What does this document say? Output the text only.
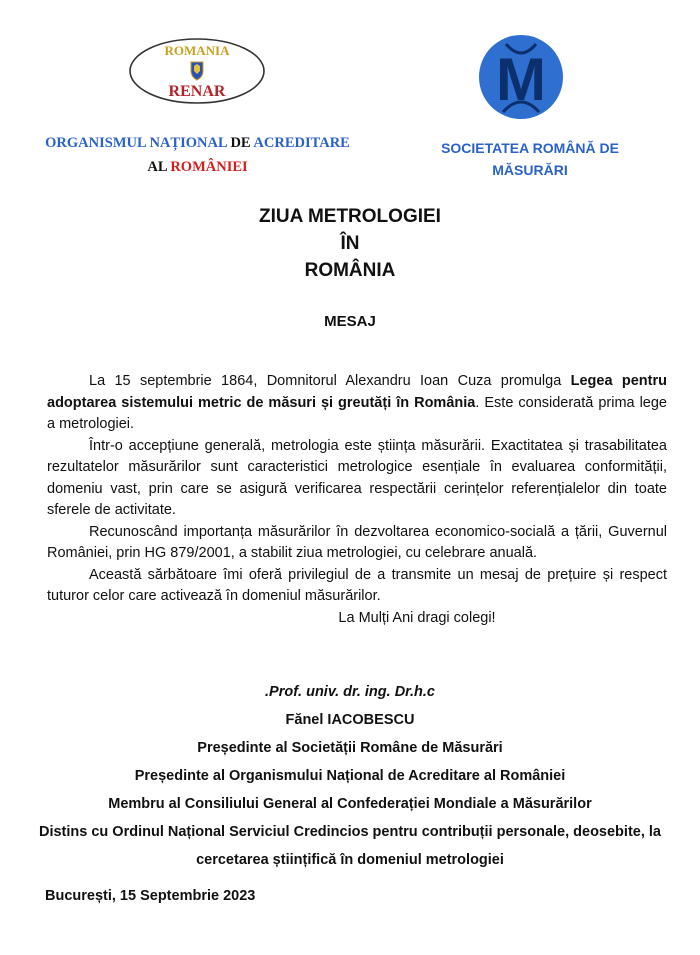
ROMANIA
RENAR	M
ORGANISMUL NAȚIONAL DE ACREDITARE
AL ROMÂNIEI
SOCIETATEA ROMÂNĂ DE
MĂSURĂRI
ZIUA METROLOGIEI
ÎN
ROMÂNIA
MESAJ

La 15 septembrie 1864, Domnitorul Alexandru Ioan Cuza promulga Legea pentru adoptarea sistemului metric de măsuri și greutăți în România. Este considerată prima lege a metrologiei.

Într-o accepțiune generală, metrologia este știința măsurării. Exactitatea și trasabilitatea rezultatelor măsurărilor sunt caracteristici metrologice esențiale în evaluarea conformității, domeniu vast, prin care se asigură verificarea respectării cerințelor referențialelor din toate sferele de activitate.

Recunoscând importanța măsurărilor în dezvoltarea economico-socială a țării, Guvernul României, prin HG 879/2001, a stabilit ziua metrologiei, cu celebrare anuală.

Această sărbătoare îmi oferă privilegiul de a transmite un mesaj de prețuire și respect tuturor celor care activează în domeniul măsurărilor.

La Mulți Ani dragi colegi!

.Prof. univ. dr. ing. Dr.h.c
Fănel IACOBESCU
Președinte al Societății Române de Măsurări
Președinte al Organismului Național de Acreditare al României
Membru al Consiliului General al Confederației Mondiale a Măsurărilor
Distins cu Ordinul Național Serviciul Credincios pentru contribuții personale, deosebite, la cercetarea științifică în domeniul metrologiei
București, 15 Septembrie 2023
